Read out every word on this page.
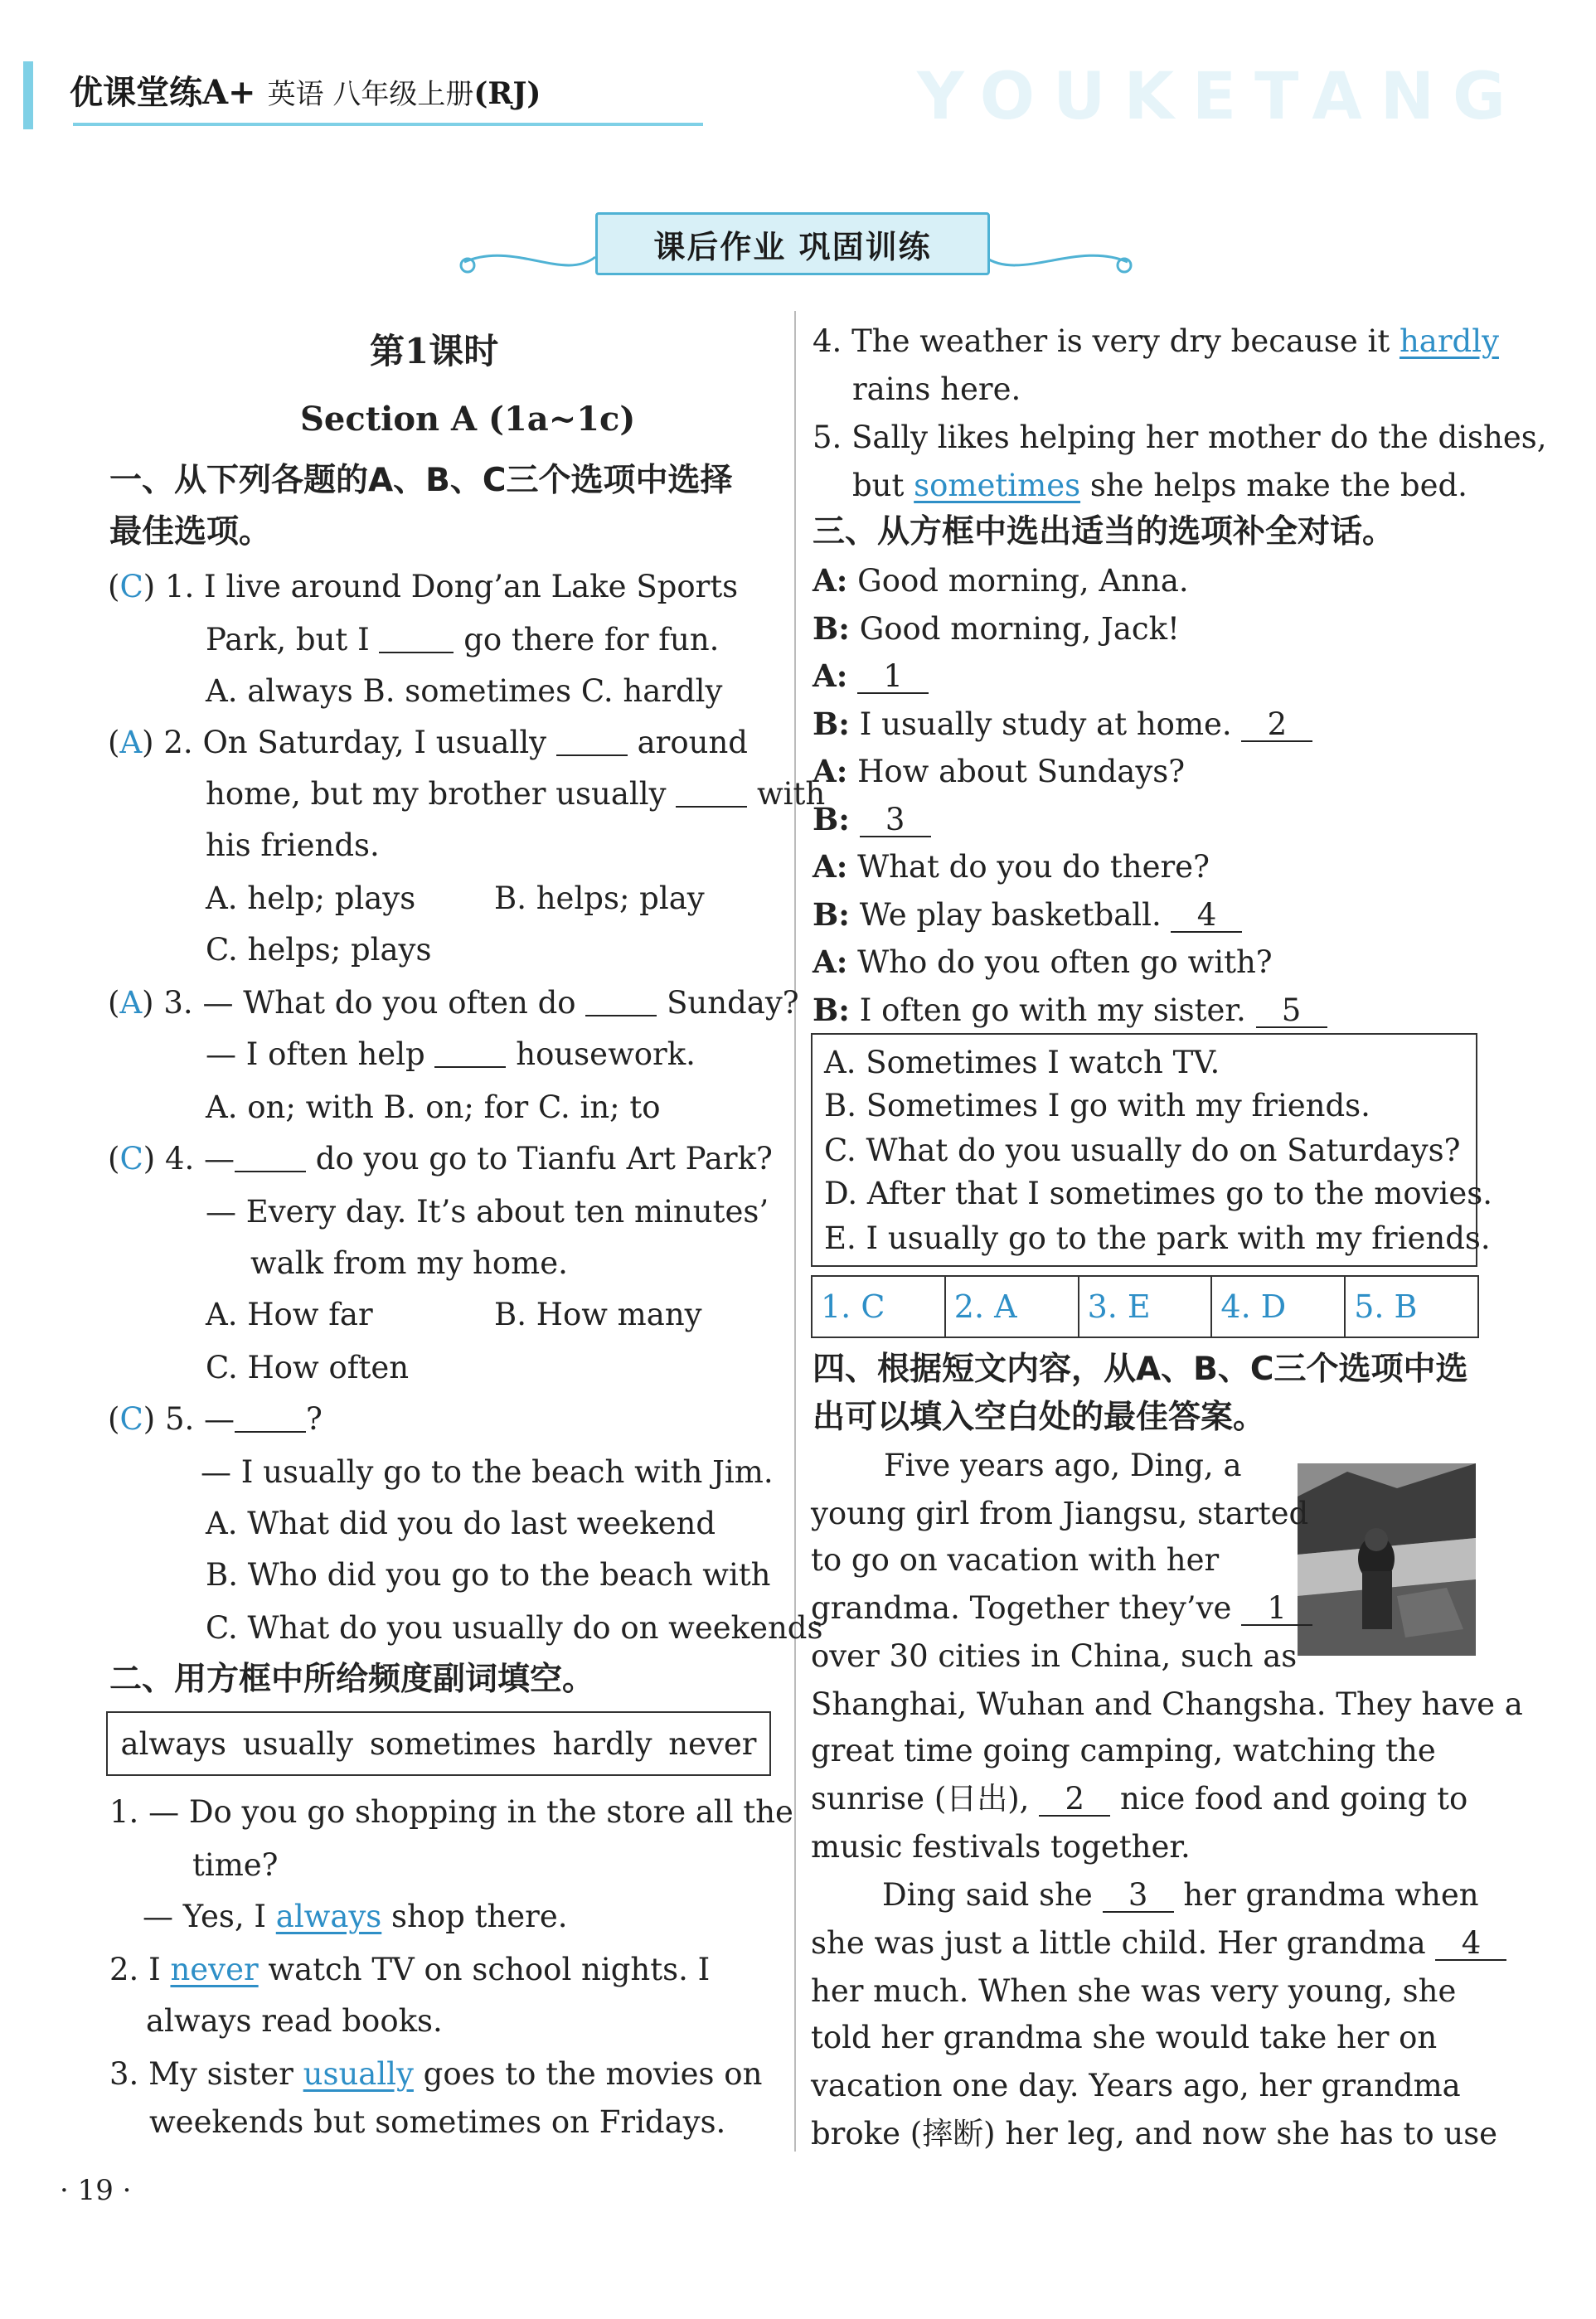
YOUKETANG
优课堂练A+ 英语 八年级上册(RJ)
课后作业 巩固训练
第1课时
Section A (1a~1c)
一、从下列各题的A、B、C三个选项中选择
最佳选项。
(C) 1. I live around Dong’an Lake Sports
Park, but I	go there for fun.
A. always B. sometimes C. hardly
(A) 2. On Saturday, I usually	around
home, but my brother usually	with
his friends.
A. help; plays	B. helps; play
C. helps; plays
(A) 3. — What do you often do	Sunday?
— I often help	housework.
A. on; with B. on; for C. in; to
(C) 4. —	do you go to Tianfu Art Park?
— Every day. It’s about ten minutes’
walk from my home.
A. How far	B. How many
C. How often
(C) 5. — ?
— I usually go to the beach with Jim.
A. What did you do last weekend
B. Who did you go to the beach with
C. What do you usually do on weekends
二、用方框中所给频度副词填空。
always usually sometimes hardly never
1. — Do you go shopping in the store all the
time?
— Yes, I always shop there.
2. I never watch TV on school nights. I
always read books.
3. My sister usually goes to the movies on
weekends but sometimes on Fridays.
· 19 ·
4. The weather is very dry because it hardly
rains here.
5. Sally likes helping her mother do the dishes,
but sometimes she helps make the bed.
三、从方框中选出适当的选项补全对话。
A: Good morning, Anna.
B: Good morning, Jack!
A: 1
B: I usually study at home. 2
A: How about Sundays?
B: 3
A: What do you do there?
B: We play basketball. 4
A: Who do you often go with?
B: I often go with my sister. 5
A. Sometimes I watch TV.
B. Sometimes I go with my friends.
C. What do you usually do on Saturdays?
D. After that I sometimes go to the movies.
E. I usually go to the park with my friends.
1. C	2. A	3. E	4. D	5. B
四、根据短文内容，从A、B、C三个选项中选
出可以填入空白处的最佳答案。
Five years ago, Ding, a
young girl from Jiangsu, started
to go on vacation with her
grandma. Together they’ve 1
over 30 cities in China, such as
Shanghai, Wuhan and Changsha. They have a
great time going camping, watching the
sunrise (日出), 2 nice food and going to
music festivals together.
Ding said she 3 her grandma when
she was just a little child. Her grandma 4
her much. When she was very young, she
told her grandma she would take her on
vacation one day. Years ago, her grandma
broke (摔断) her leg, and now she has to use
